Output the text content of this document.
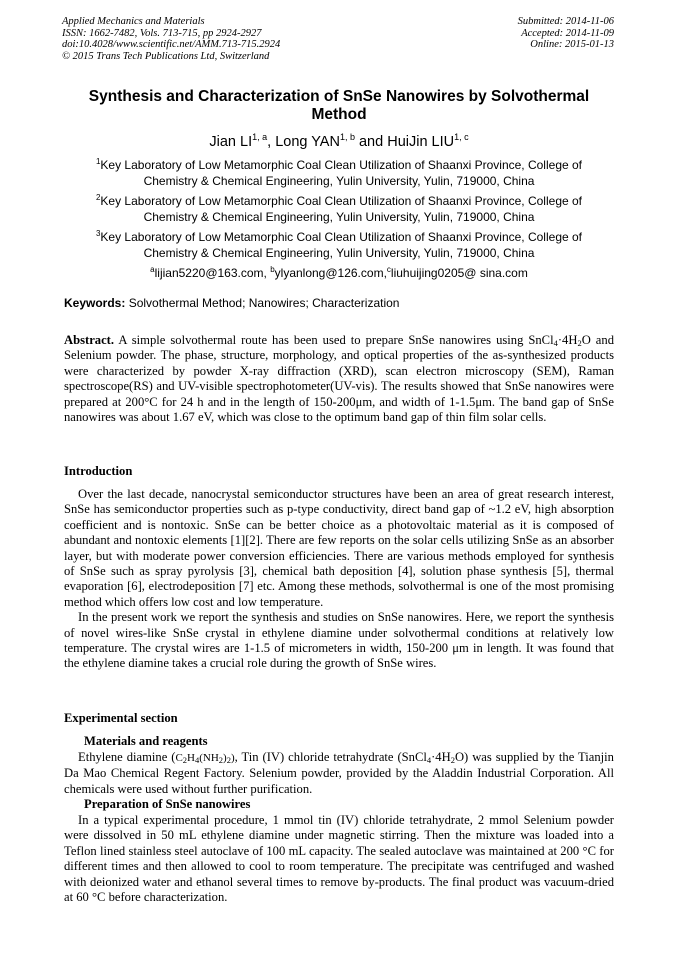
Applied Mechanics and Materials
ISSN: 1662-7482, Vols. 713-715, pp 2924-2927
doi:10.4028/www.scientific.net/AMM.713-715.2924
© 2015 Trans Tech Publications Ltd, Switzerland
Submitted: 2014-11-06
Accepted: 2014-11-09
Online: 2015-01-13
Synthesis and Characterization of SnSe Nanowires by Solvothermal Method
Jian LI$^{1, a}$, Long YAN$^{1, b}$ and HuiJin LIU$^{1, c}$
$^1$Key Laboratory of Low Metamorphic Coal Clean Utilization of Shaanxi Province, College of Chemistry & Chemical Engineering, Yulin University, Yulin, 719000, China
$^2$Key Laboratory of Low Metamorphic Coal Clean Utilization of Shaanxi Province, College of Chemistry & Chemical Engineering, Yulin University, Yulin, 719000, China
$^3$Key Laboratory of Low Metamorphic Coal Clean Utilization of Shaanxi Province, College of Chemistry & Chemical Engineering, Yulin University, Yulin, 719000, China
$^a$lijian5220@163.com, $^b$ylyanlong@126.com,$^c$liuhuijing0205@ sina.com
Keywords: Solvothermal Method; Nanowires; Characterization

Abstract. A simple solvothermal route has been used to prepare SnSe nanowires using $SnCl_4\cdot 4H_2O$ and Selenium powder. The phase, structure, morphology, and optical properties of the as-synthesized products were characterized by powder X-ray diffraction (XRD), scan electron microscopy (SEM), Raman spectroscope(RS) and UV-visible spectrophotometer(UV-vis). The results showed that SnSe nanowires were prepared at 200°C for 24 h and in the length of 150-200μm, and width of 1-1.5μm. The band gap of SnSe nanowires was about 1.67 eV, which was close to the optimum band gap of thin film solar cells.

Introduction

Over the last decade, nanocrystal semiconductor structures have been an area of great research interest, SnSe has semiconductor properties such as p-type conductivity, direct band gap of ~1.2 eV, high absorption coefficient and is nontoxic. SnSe can be better choice as a photovoltaic material as it is composed of abundant and nontoxic elements [1][2]. There are few reports on the solar cells utilizing SnSe as an absorber layer, but with moderate power conversion efficiencies. There are various methods employed for synthesis of SnSe such as spray pyrolysis [3], chemical bath deposition [4], solution phase synthesis [5], thermal evaporation [6], electrodeposition [7] etc. Among these methods, solvothermal is one of the most promising method which offers low cost and low temperature.

In the present work we report the synthesis and studies on SnSe nanowires. Here, we report the synthesis of novel wires-like SnSe crystal in ethylene diamine under solvothermal conditions at relatively low temperature. The crystal wires are 1-1.5 of micrometers in width, 150-200 μm in length. It was found that the ethylene diamine takes a crucial role during the growth of SnSe wires.

Experimental section
Materials and reagents

Ethylene diamine $(C_2H_4(NH_2)_2)$, Tin (IV) chloride tetrahydrate $(SnCl_4\cdot 4H_2O)$ was supplied by the Tianjin Da Mao Chemical Regent Factory. Selenium powder, provided by the Aladdin Industrial Corporation. All chemicals were used without further purification.

Preparation of SnSe nanowires

In a typical experimental procedure, 1 mmol tin (IV) chloride tetrahydrate, 2 mmol Selenium powder were dissolved in 50 mL ethylene diamine under magnetic stirring. Then the mixture was loaded into a Teflon lined stainless steel autoclave of 100 mL capacity. The sealed autoclave was maintained at 200 °C for different times and then allowed to cool to room temperature. The precipitate was centrifuged and washed with deionized water and ethanol several times to remove by-products. The final product was vacuum-dried at 60 °C before characterization.
